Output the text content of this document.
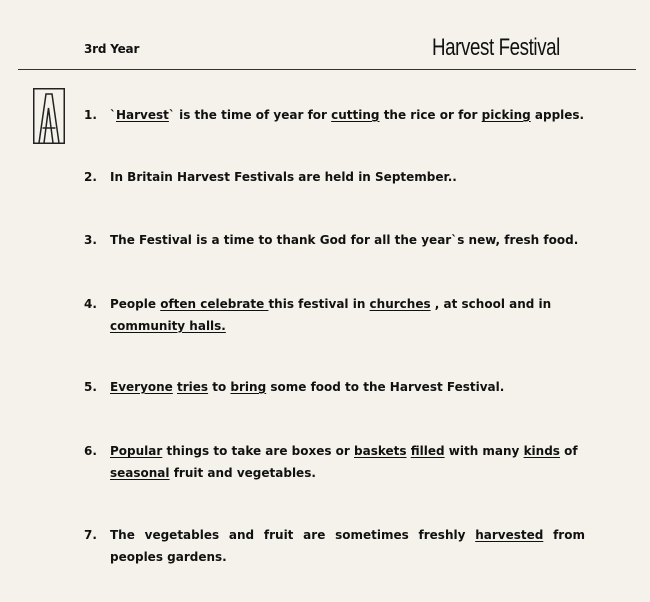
3rd Year	Harvest Festival
1.	`Harvest` is the time of year for cutting the rice or for picking apples.
2.	In Britain Harvest Festivals are held in September..
3.	The Festival is a time to thank God for all the year`s new, fresh food.
4.	People often celebrate this festival in churches , at school and in community halls.
5.	Everyone tries to bring some food to the Harvest Festival.
6.	Popular things to take are boxes or baskets filled with many kinds of seasonal fruit and vegetables.
7.	The vegetables and fruit are sometimes freshly harvested from peoples gardens.
